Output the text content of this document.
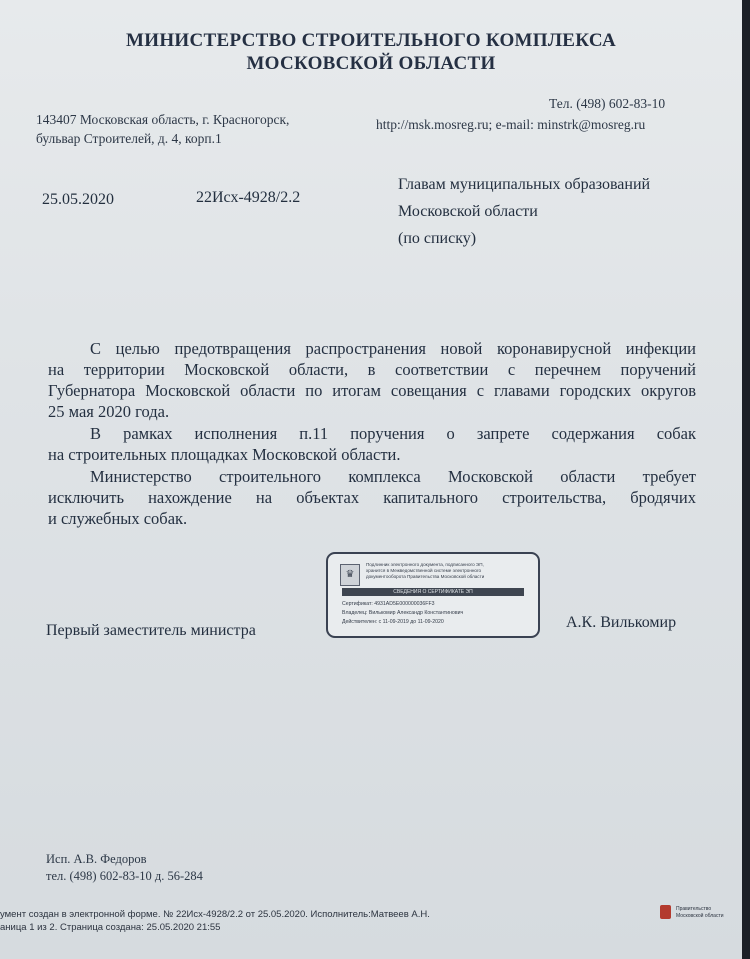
МИНИСТЕРСТВО СТРОИТЕЛЬНОГО КОМПЛЕКСА
МОСКОВСКОЙ ОБЛАСТИ
143407 Московская область, г. Красногорск,
бульвар Строителей, д. 4, корп.1
Тел. (498) 602-83-10
http://msk.mosreg.ru; e-mail: minstrk@mosreg.ru
25.05.2020	22Исх-4928/2.2
Главам муниципальных образований
Московской области
(по списку)
С целью предотвращения распространения новой коронавирусной инфекции
на территории Московской области, в соответствии с перечнем поручений
Губернатора Московской области по итогам совещания с главами городских округов
25 мая 2020 года.
В рамках исполнения п.11 поручения о запрете содержания собак
на строительных площадках Московской области.
Министерство строительного комплекса Московской области требует
исключить нахождение на объектах капитального строительства, бродячих
и служебных собак.
♛
Подлинник электронного документа, подписанного ЭП,
хранится в Межведомственной системе электронного
документооборота Правительства Московской области
СВЕДЕНИЯ О СЕРТИФИКАТЕ ЭП
Сертификат: 4931AD5E000000036FF3
Владелец: Вилькомир Александр Константинович
Действителен: с 11-09-2019 до 11-09-2020
Первый заместитель министра	А.К. Вилькомир
Исп. А.В. Федоров
тел. (498) 602-83-10 д. 56-284
умент создан в электронной форме. № 22Исх-4928/2.2 от 25.05.2020. Исполнитель:Матвеев А.Н.
аница 1 из 2. Страница создана: 25.05.2020 21:55
Правительство
Московской области
